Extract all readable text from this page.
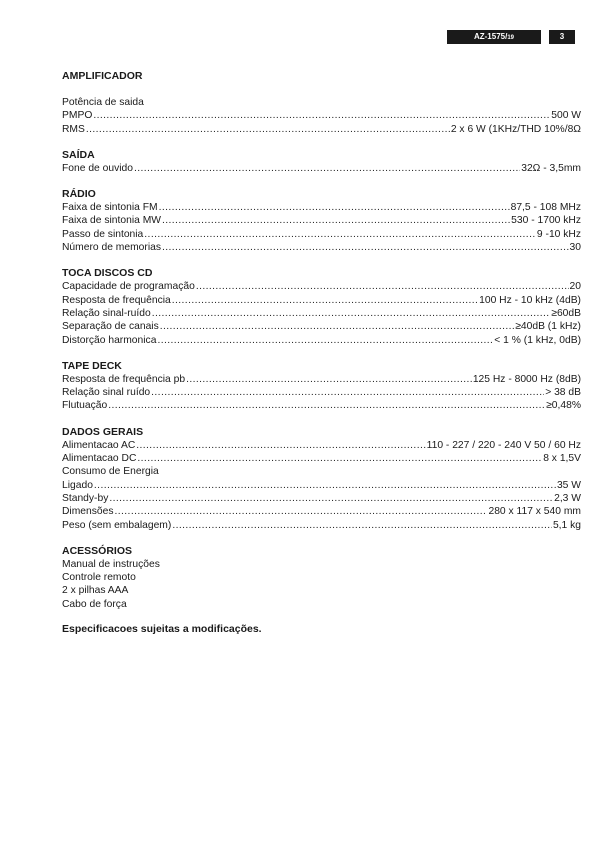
AZ-1575/19	3
AMPLIFICADOR
Potência de saida
PMPO .....	500 W
RMS .....	2 x 6 W (1KHz/THD 10%/8Ω
SAÍDA
Fone de ouvido .....	32Ω - 3,5mm
RÁDIO
Faixa de sintonia FM .....	87,5 - 108 MHz
Faixa de sintonia MW .....	530 - 1700 kHz
Passo de sintonia .....	9 -10 kHz
Número de memorias .....	30
TOCA DISCOS CD
Capacidade de programação .....	20
Resposta de frequência .....	100 Hz - 10 kHz (4dB)
Relação sinal-ruído .....	≥60dB
Separação de canais .....	≥40dB (1 kHz)
Distorção harmonica .....	< 1 % (1 kHz, 0dB)
TAPE DECK
Resposta de frequência pb .....	125 Hz - 8000 Hz (8dB)
Relação sinal ruído .....	> 38 dB
Flutuação .....	≥0,48%
DADOS GERAIS
Alimentacao AC .....	110 - 227 / 220 - 240 V 50 / 60 Hz
Alimentacao DC .....	8 x 1,5V
Consumo de Energia
Ligado .....	35 W
Standy-by .....	2,3 W
Dimensões .....	280 x 117 x 540 mm
Peso (sem embalagem) .....	5,1 kg
ACESSÓRIOS
Manual de instruções
Controle remoto
2 x pilhas AAA
Cabo de força
Especificacoes sujeitas a modificações.
